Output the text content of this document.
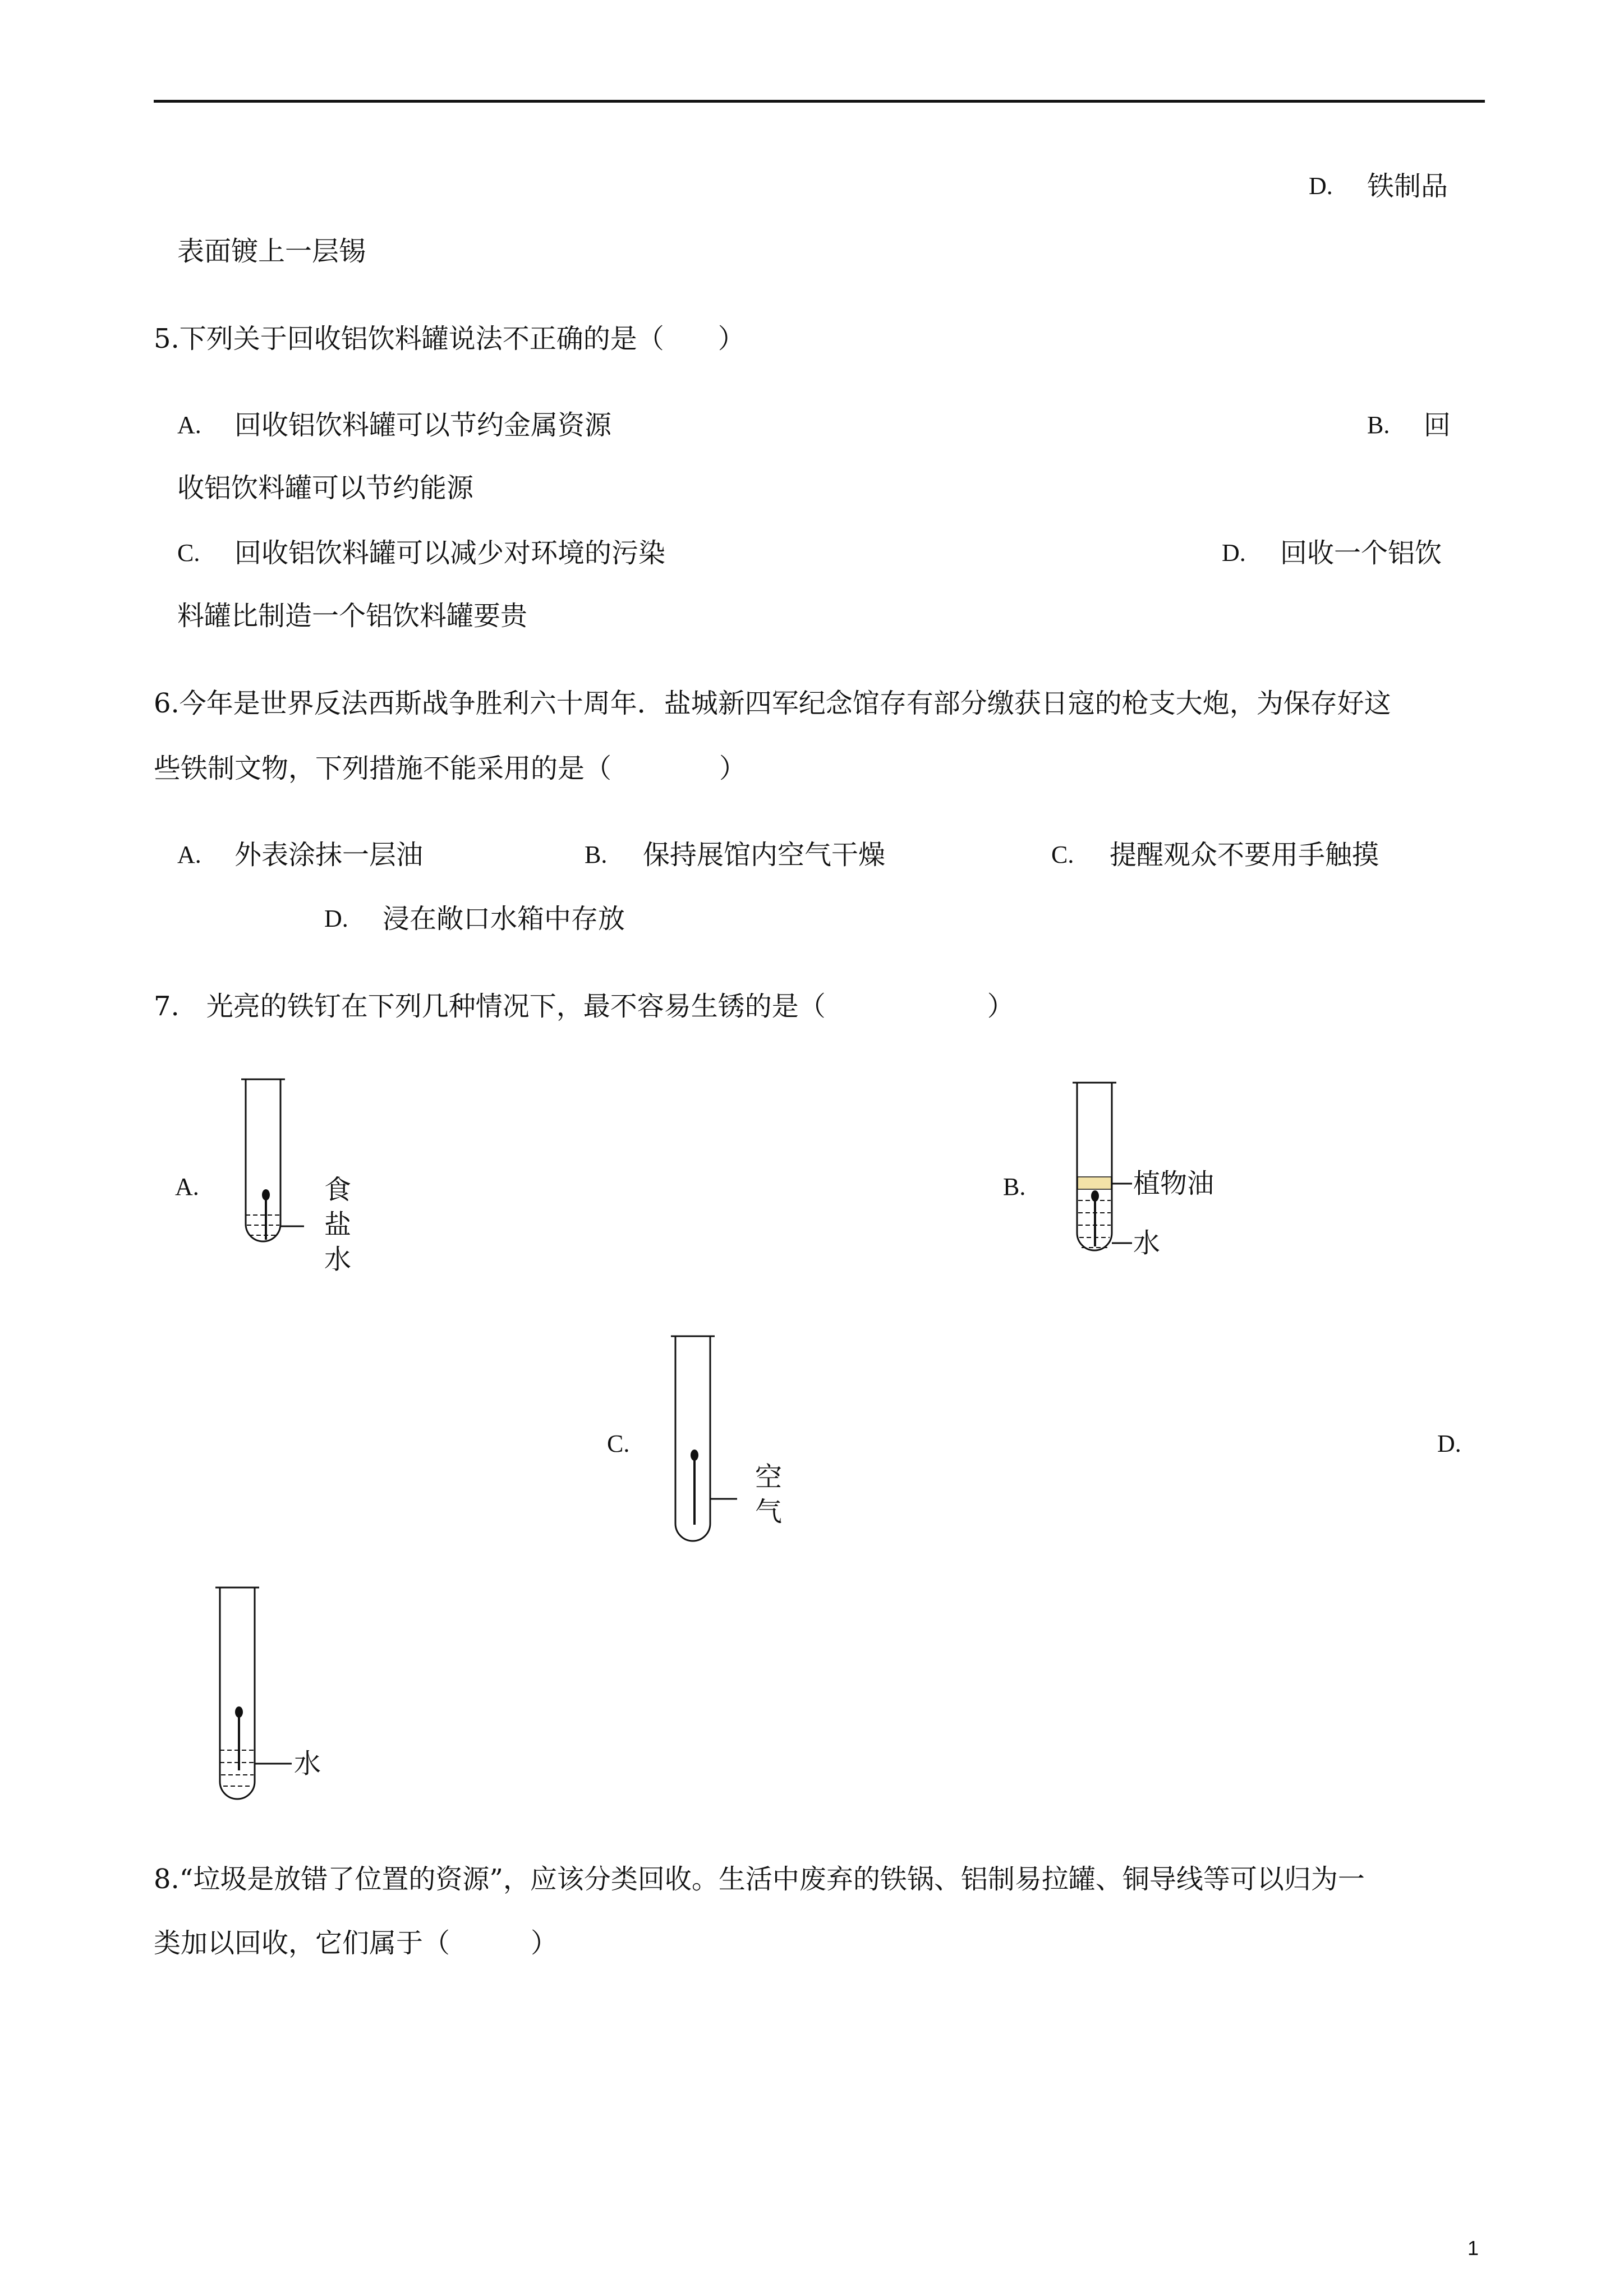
D. 铁制品
表面镀上一层锡
5.下列关于回收铝饮料罐说法不正确的是（　　）
A. 回收铝饮料罐可以节约金属资源	B. 回
收铝饮料罐可以节约能源
C. 回收铝饮料罐可以减少对环境的污染	D. 回收一个铝饮
料罐比制造一个铝饮料罐要贵
6.今年是世界反法西斯战争胜利六十周年．盐城新四军纪念馆存有部分缴获日寇的枪支大炮，为保存好这
些铁制文物，下列措施不能采用的是（　　　　）
A. 外表涂抹一层油	B. 保持展馆内空气干燥	C. 提醒观众不要用手触摸
D. 浸在敞口水箱中存放
7.　光亮的铁钉在下列几种情况下，最不容易生锈的是（　　　　　　）
A.	食盐水
B.	植物油
水
C.
空气
D.
水
8.“垃圾是放错了位置的资源”，应该分类回收。生活中废弃的铁锅、铝制易拉罐、铜导线等可以归为一
类加以回收，它们属于（　　　）
1
